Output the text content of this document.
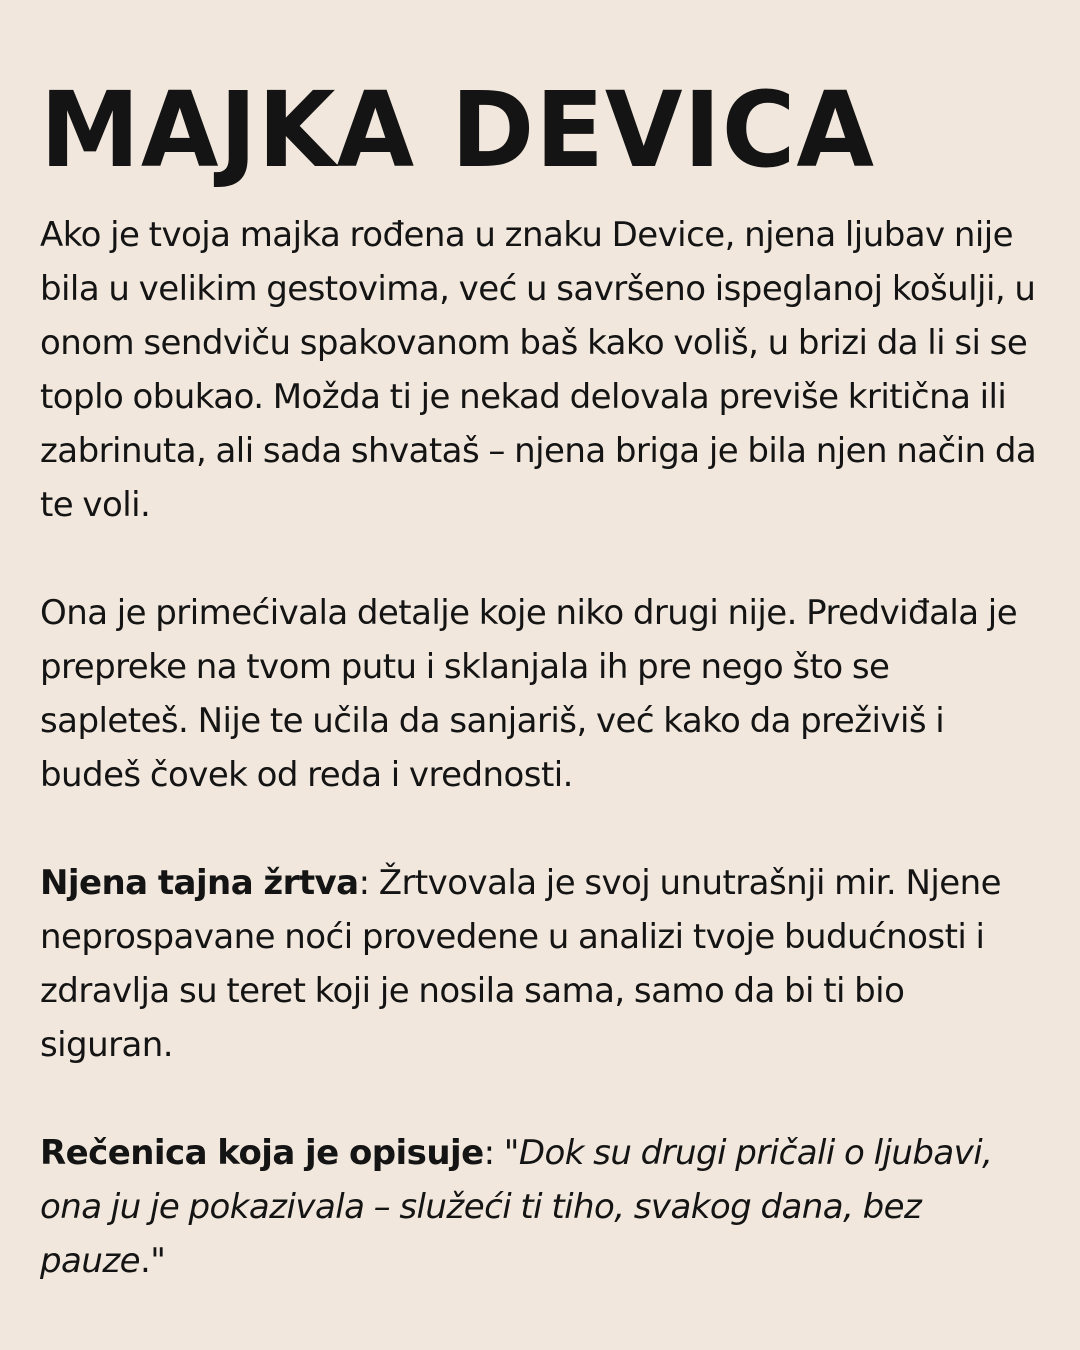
MAJKA DEVICA

Ako je tvoja majka rođena u znaku Device, njena ljubav nije bila u velikim gestovima, već u savršeno ispeglanoj košulji, u onom sendviču spakovanom baš kako voliš, u brizi da li si se toplo obukao. Možda ti je nekad delovala previše kritična ili zabrinuta, ali sada shvataš – njena briga je bila njen način da te voli.

Ona je primećivala detalje koje niko drugi nije. Predviđala je prepreke na tvom putu i sklanjala ih pre nego što se sapleteš. Nije te učila da sanjariš, već kako da preživiš i budeš čovek od reda i vrednosti.

Njena tajna žrtva: Žrtvovala je svoj unutrašnji mir. Njene neprospavane noći provedene u analizi tvoje budućnosti i zdravlja su teret koji je nosila sama, samo da bi ti bio siguran.

Rečenica koja je opisuje: "Dok su drugi pričali o ljubavi, ona ju je pokazivala – služeći ti tiho, svakog dana, bez pauze."
